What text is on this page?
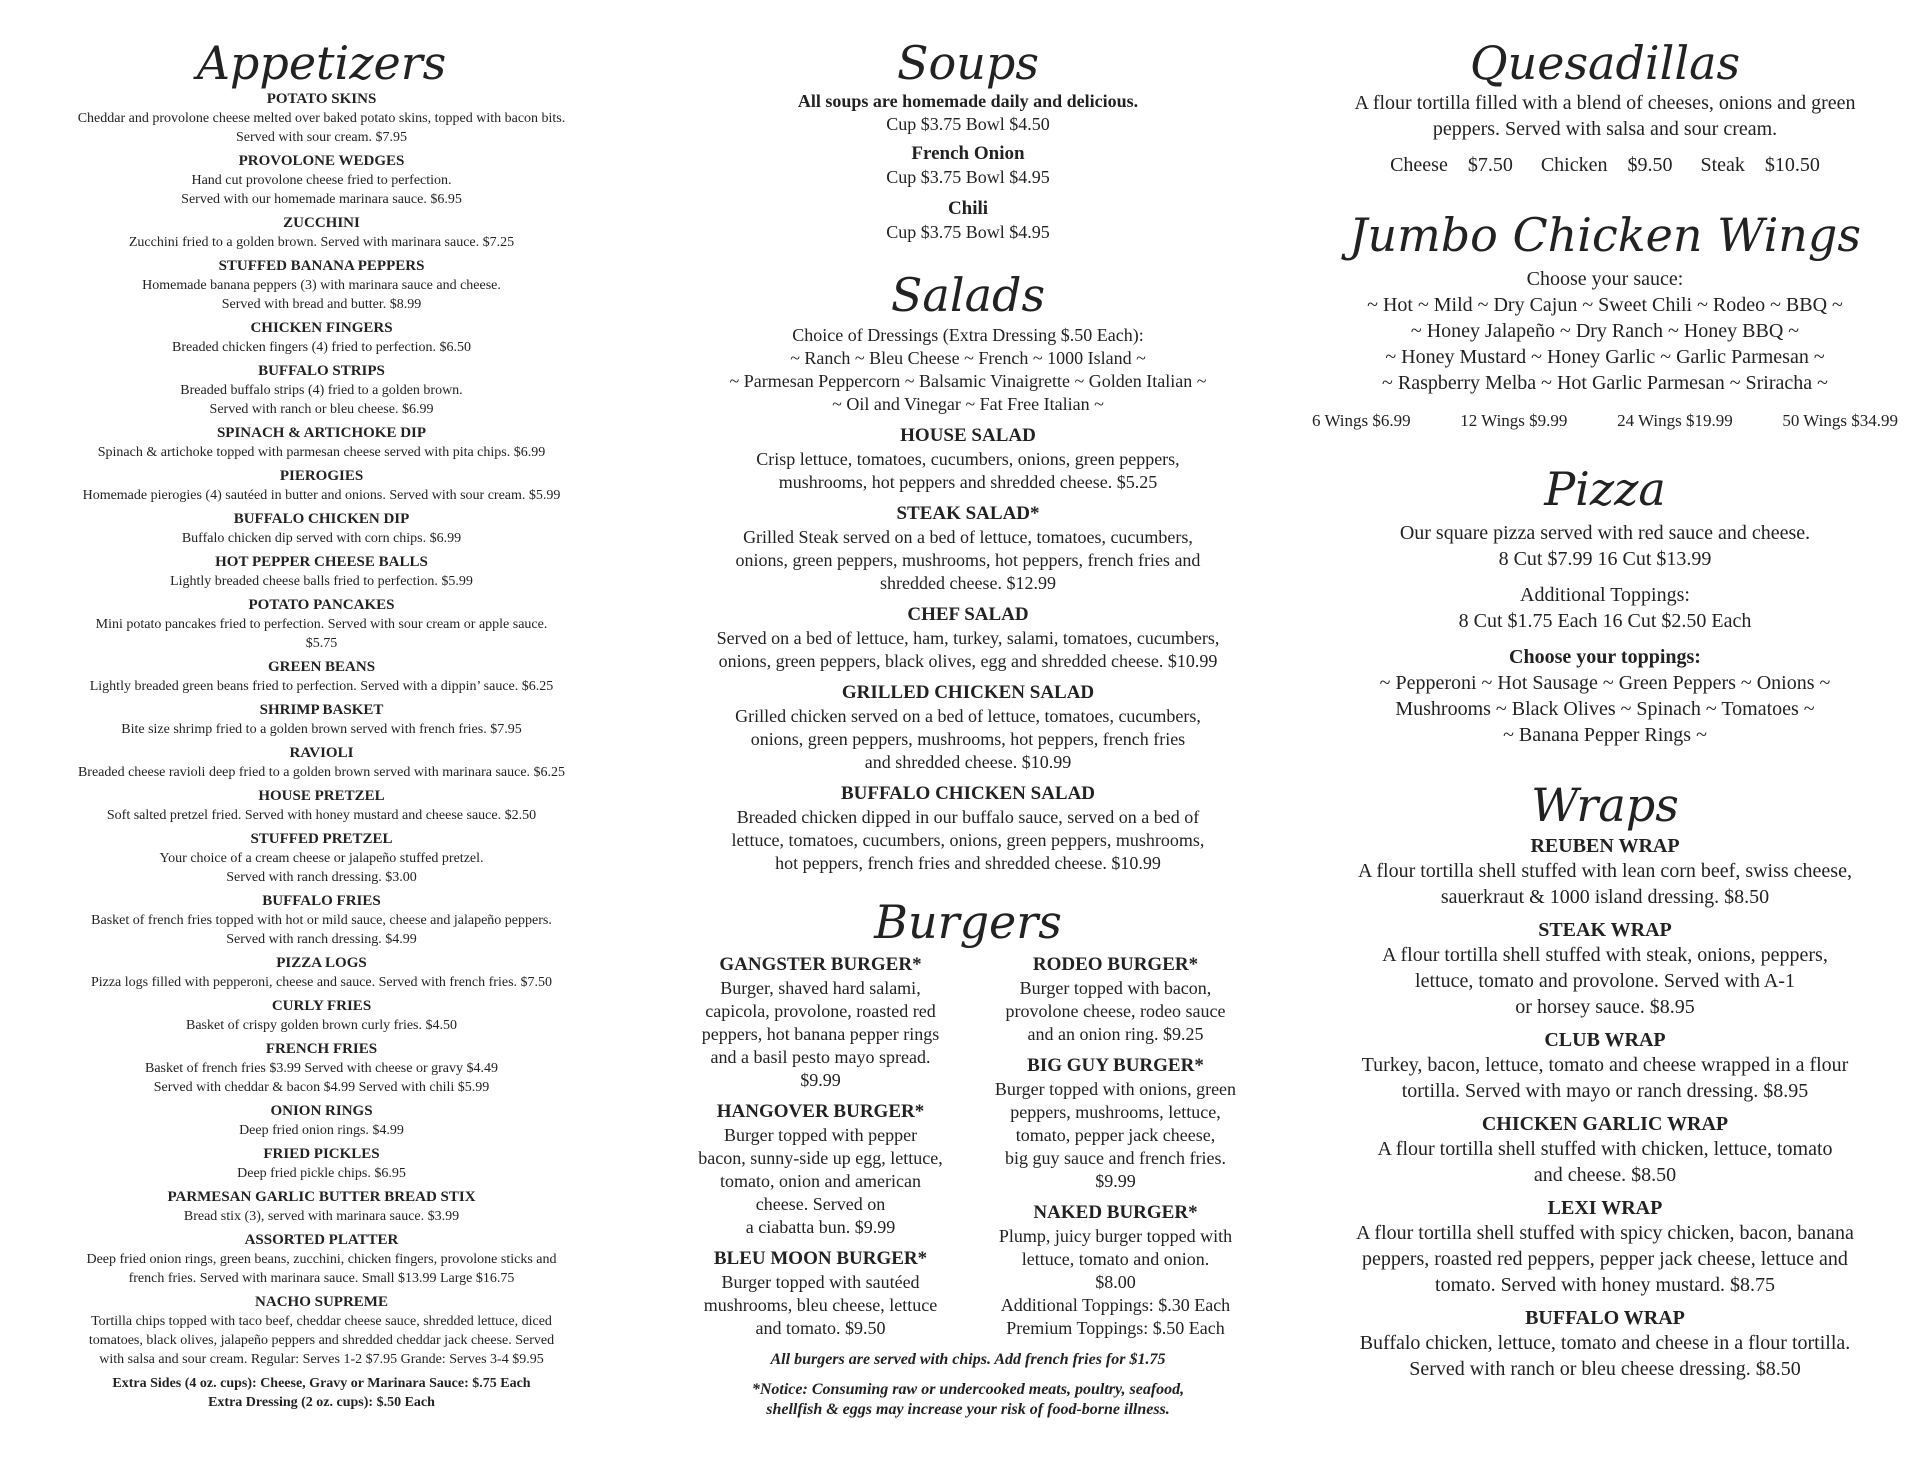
Appetizers
POTATO SKINS
Cheddar and provolone cheese melted over baked potato skins, topped with bacon bits.
Served with sour cream. $7.95
PROVOLONE WEDGES
Hand cut provolone cheese fried to perfection.
Served with our homemade marinara sauce. $6.95
ZUCCHINI
Zucchini fried to a golden brown. Served with marinara sauce. $7.25
STUFFED BANANA PEPPERS
Homemade banana peppers (3) with marinara sauce and cheese.
Served with bread and butter. $8.99
CHICKEN FINGERS
Breaded chicken fingers (4) fried to perfection. $6.50
BUFFALO STRIPS
Breaded buffalo strips (4) fried to a golden brown.
Served with ranch or bleu cheese. $6.99
SPINACH & ARTICHOKE DIP
Spinach & artichoke topped with parmesan cheese served with pita chips. $6.99
PIEROGIES
Homemade pierogies (4) sautéed in butter and onions. Served with sour cream. $5.99
BUFFALO CHICKEN DIP
Buffalo chicken dip served with corn chips. $6.99
HOT PEPPER CHEESE BALLS
Lightly breaded cheese balls fried to perfection. $5.99
POTATO PANCAKES
Mini potato pancakes fried to perfection. Served with sour cream or apple sauce.
$5.75
GREEN BEANS
Lightly breaded green beans fried to perfection. Served with a dippin’ sauce. $6.25
SHRIMP BASKET
Bite size shrimp fried to a golden brown served with french fries. $7.95
RAVIOLI
Breaded cheese ravioli deep fried to a golden brown served with marinara sauce. $6.25
HOUSE PRETZEL
Soft salted pretzel fried. Served with honey mustard and cheese sauce. $2.50
STUFFED PRETZEL
Your choice of a cream cheese or jalapeño stuffed pretzel.
Served with ranch dressing. $3.00
BUFFALO FRIES
Basket of french fries topped with hot or mild sauce, cheese and jalapeño peppers.
Served with ranch dressing. $4.99
PIZZA LOGS
Pizza logs filled with pepperoni, cheese and sauce. Served with french fries. $7.50
CURLY FRIES
Basket of crispy golden brown curly fries. $4.50
FRENCH FRIES
Basket of french fries $3.99 Served with cheese or gravy $4.49
Served with cheddar & bacon $4.99 Served with chili $5.99
ONION RINGS
Deep fried onion rings. $4.99
FRIED PICKLES
Deep fried pickle chips. $6.95
PARMESAN GARLIC BUTTER BREAD STIX
Bread stix (3), served with marinara sauce. $3.99
ASSORTED PLATTER
Deep fried onion rings, green beans, zucchini, chicken fingers, provolone sticks and
french fries. Served with marinara sauce. Small $13.99 Large $16.75
NACHO SUPREME
Tortilla chips topped with taco beef, cheddar cheese sauce, shredded lettuce, diced
tomatoes, black olives, jalapeño peppers and shredded cheddar jack cheese. Served
with salsa and sour cream. Regular: Serves 1-2 $7.95 Grande: Serves 3-4 $9.95
Extra Sides (4 oz. cups): Cheese, Gravy or Marinara Sauce: $.75 Each
Extra Dressing (2 oz. cups): $.50 Each
Soups
All soups are homemade daily and delicious.
Cup $3.75 Bowl $4.50
French Onion
Cup $3.75 Bowl $4.95
Chili
Cup $3.75 Bowl $4.95
Salads
Choice of Dressings (Extra Dressing $.50 Each):
~ Ranch ~ Bleu Cheese ~ French ~ 1000 Island ~
~ Parmesan Peppercorn ~ Balsamic Vinaigrette ~ Golden Italian ~
~ Oil and Vinegar ~ Fat Free Italian ~
HOUSE SALAD
Crisp lettuce, tomatoes, cucumbers, onions, green peppers,
mushrooms, hot peppers and shredded cheese. $5.25
STEAK SALAD*
Grilled Steak served on a bed of lettuce, tomatoes, cucumbers,
onions, green peppers, mushrooms, hot peppers, french fries and
shredded cheese. $12.99
CHEF SALAD
Served on a bed of lettuce, ham, turkey, salami, tomatoes, cucumbers,
onions, green peppers, black olives, egg and shredded cheese. $10.99
GRILLED CHICKEN SALAD
Grilled chicken served on a bed of lettuce, tomatoes, cucumbers,
onions, green peppers, mushrooms, hot peppers, french fries
and shredded cheese. $10.99
BUFFALO CHICKEN SALAD
Breaded chicken dipped in our buffalo sauce, served on a bed of
lettuce, tomatoes, cucumbers, onions, green peppers, mushrooms,
hot peppers, french fries and shredded cheese. $10.99
Burgers
GANGSTER BURGER*
Burger, shaved hard salami,
capicola, provolone, roasted red
peppers, hot banana pepper rings
and a basil pesto mayo spread.
$9.99
HANGOVER BURGER*
Burger topped with pepper
bacon, sunny-side up egg, lettuce,
tomato, onion and american
cheese. Served on
a ciabatta bun. $9.99
BLEU MOON BURGER*
Burger topped with sautéed
mushrooms, bleu cheese, lettuce
and tomato. $9.50
RODEO BURGER*
Burger topped with bacon,
provolone cheese, rodeo sauce
and an onion ring. $9.25
BIG GUY BURGER*
Burger topped with onions, green
peppers, mushrooms, lettuce,
tomato, pepper jack cheese,
big guy sauce and french fries.
$9.99
NAKED BURGER*
Plump, juicy burger topped with
lettuce, tomato and onion.
$8.00
Additional Toppings: $.30 Each
Premium Toppings: $.50 Each
All burgers are served with chips. Add french fries for $1.75
*Notice: Consuming raw or undercooked meats, poultry, seafood,
shellfish & eggs may increase your risk of food-borne illness.
Quesadillas
A flour tortilla filled with a blend of cheeses, onions and green
peppers. Served with salsa and sour cream.
Cheese $7.50 Chicken $9.50 Steak $10.50
Jumbo Chicken Wings
Choose your sauce:
~ Hot ~ Mild ~ Dry Cajun ~ Sweet Chili ~ Rodeo ~ BBQ ~
~ Honey Jalapeño ~ Dry Ranch ~ Honey BBQ ~
~ Honey Mustard ~ Honey Garlic ~ Garlic Parmesan ~
~ Raspberry Melba ~ Hot Garlic Parmesan ~ Sriracha ~
6 Wings $6.99	12 Wings $9.99	24 Wings $19.99	50 Wings $34.99
Pizza
Our square pizza served with red sauce and cheese.
8 Cut $7.99 16 Cut $13.99
Additional Toppings:
8 Cut $1.75 Each 16 Cut $2.50 Each
Choose your toppings:
~ Pepperoni ~ Hot Sausage ~ Green Peppers ~ Onions ~
Mushrooms ~ Black Olives ~ Spinach ~ Tomatoes ~
~ Banana Pepper Rings ~
Wraps
REUBEN WRAP
A flour tortilla shell stuffed with lean corn beef, swiss cheese,
sauerkraut & 1000 island dressing. $8.50
STEAK WRAP
A flour tortilla shell stuffed with steak, onions, peppers,
lettuce, tomato and provolone. Served with A-1
or horsey sauce. $8.95
CLUB WRAP
Turkey, bacon, lettuce, tomato and cheese wrapped in a flour
tortilla. Served with mayo or ranch dressing. $8.95
CHICKEN GARLIC WRAP
A flour tortilla shell stuffed with chicken, lettuce, tomato
and cheese. $8.50
LEXI WRAP
A flour tortilla shell stuffed with spicy chicken, bacon, banana
peppers, roasted red peppers, pepper jack cheese, lettuce and
tomato. Served with honey mustard. $8.75
BUFFALO WRAP
Buffalo chicken, lettuce, tomato and cheese in a flour tortilla.
Served with ranch or bleu cheese dressing. $8.50
